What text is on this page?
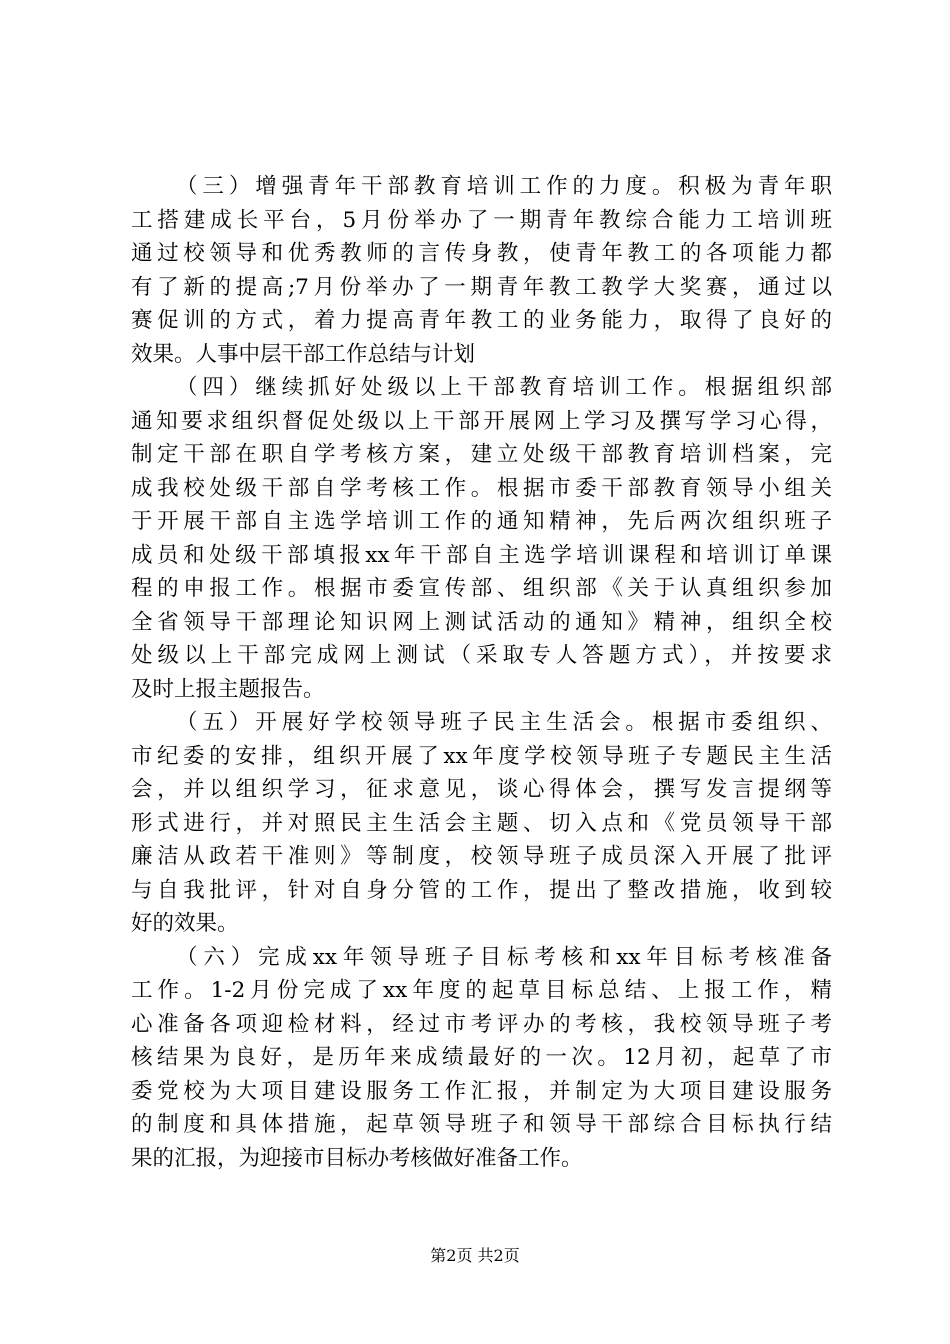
（三）增强青年干部教育培训工作的力度。积极为青年职
工搭建成长平台，5月份举办了一期青年教综合能力工培训班
通过校领导和优秀教师的言传身教，使青年教工的各项能力都
有了新的提高;7月份举办了一期青年教工教学大奖赛，通过以
赛促训的方式，着力提高青年教工的业务能力，取得了良好的
效果。人事中层干部工作总结与计划
（四）继续抓好处级以上干部教育培训工作。根据组织部
通知要求组织督促处级以上干部开展网上学习及撰写学习心得，
制定干部在职自学考核方案，建立处级干部教育培训档案，完
成我校处级干部自学考核工作。根据市委干部教育领导小组关
于开展干部自主选学培训工作的通知精神，先后两次组织班子
成员和处级干部填报xx年干部自主选学培训课程和培训订单课
程的申报工作。根据市委宣传部、组织部《关于认真组织参加
全省领导干部理论知识网上测试活动的通知》精神，组织全校
处级以上干部完成网上测试（采取专人答题方式），并按要求
及时上报主题报告。
（五）开展好学校领导班子民主生活会。根据市委组织、
市纪委的安排，组织开展了xx年度学校领导班子专题民主生活
会，并以组织学习，征求意见，谈心得体会，撰写发言提纲等
形式进行，并对照民主生活会主题、切入点和《党员领导干部
廉洁从政若干准则》等制度，校领导班子成员深入开展了批评
与自我批评，针对自身分管的工作，提出了整改措施，收到较
好的效果。
（六）完成xx年领导班子目标考核和xx年目标考核准备
工作。1-2月份完成了xx年度的起草目标总结、上报工作，精
心准备各项迎检材料，经过市考评办的考核，我校领导班子考
核结果为良好，是历年来成绩最好的一次。12月初，起草了市
委党校为大项目建设服务工作汇报，并制定为大项目建设服务
的制度和具体措施，起草领导班子和领导干部综合目标执行结
果的汇报，为迎接市目标办考核做好准备工作。
第2页 共2页
